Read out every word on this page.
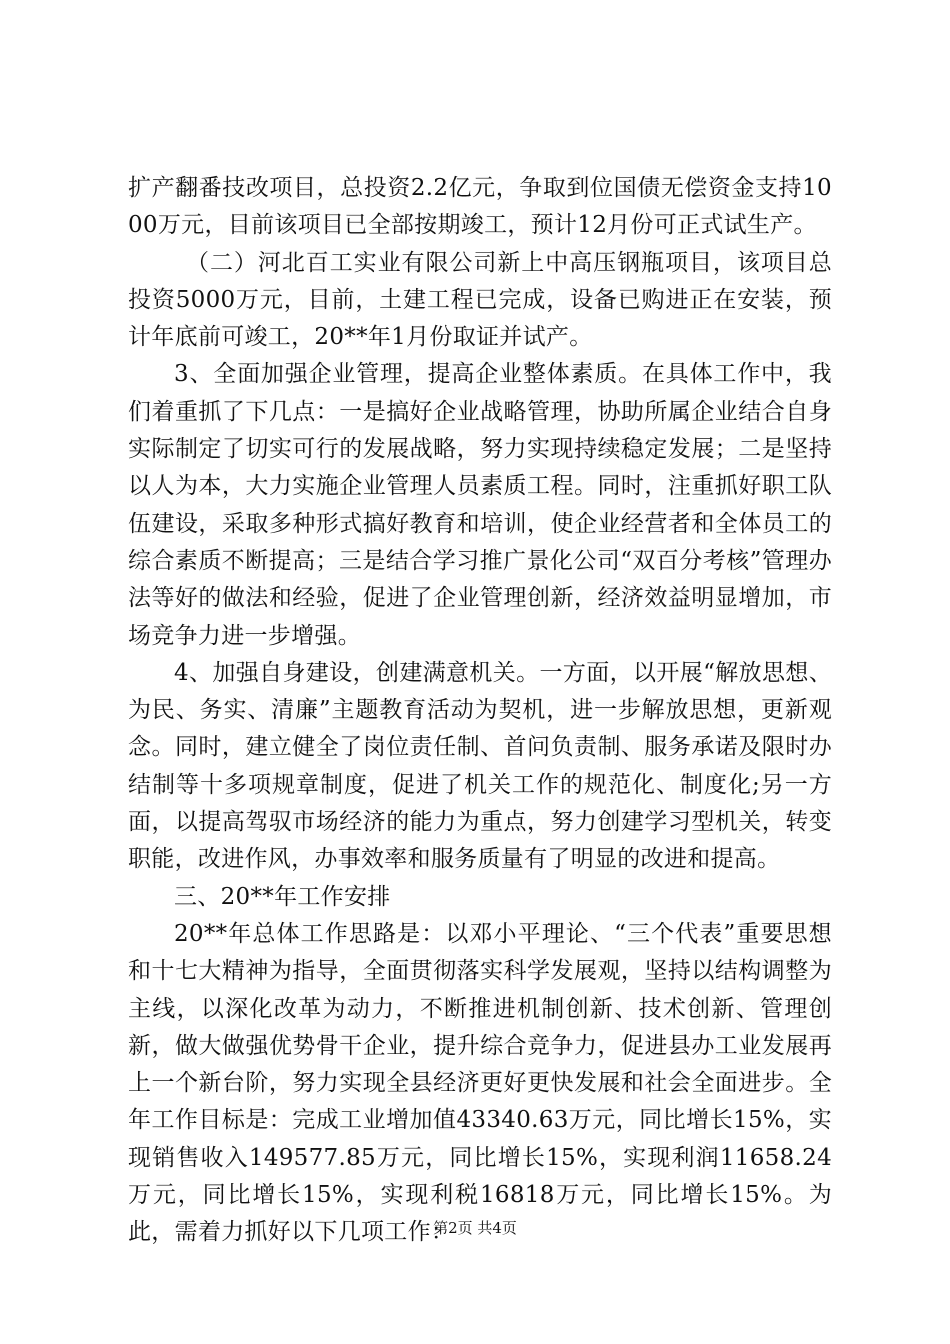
扩产翻番技改项目，总投资2.2亿元，争取到位国债无偿资金支持1000万元，目前该项目已全部按期竣工，预计12月份可正式试生产。

（二）河北百工实业有限公司新上中高压钢瓶项目，该项目总投资5000万元，目前，土建工程已完成，设备已购进正在安装，预计年底前可竣工，20**年1月份取证并试产。

3、全面加强企业管理，提高企业整体素质。在具体工作中，我们着重抓了下几点：一是搞好企业战略管理，协助所属企业结合自身实际制定了切实可行的发展战略，努力实现持续稳定发展；二是坚持以人为本，大力实施企业管理人员素质工程。同时，注重抓好职工队伍建设，采取多种形式搞好教育和培训，使企业经营者和全体员工的综合素质不断提高；三是结合学习推广景化公司“双百分考核”管理办法等好的做法和经验，促进了企业管理创新，经济效益明显增加，市场竞争力进一步增强。

4、加强自身建设，创建满意机关。一方面，以开展“解放思想、为民、务实、清廉”主题教育活动为契机，进一步解放思想，更新观念。同时，建立健全了岗位责任制、首问负责制、服务承诺及限时办结制等十多项规章制度，促进了机关工作的规范化、制度化;另一方面，以提高驾驭市场经济的能力为重点，努力创建学习型机关，转变职能，改进作风，办事效率和服务质量有了明显的改进和提高。

三、20**年工作安排

20**年总体工作思路是：以邓小平理论、“三个代表”重要思想和十七大精神为指导，全面贯彻落实科学发展观，坚持以结构调整为主线，以深化改革为动力，不断推进机制创新、技术创新、管理创新，做大做强优势骨干企业，提升综合竞争力，促进县办工业发展再上一个新台阶，努力实现全县经济更好更快发展和社会全面进步。全年工作目标是：完成工业增加值43340.63万元，同比增长15%，实现销售收入149577.85万元，同比增长15%，实现利润11658.24万元，同比增长15%，实现利税16818万元，同比增长15%。为此，需着力抓好以下几项工作：

第2页 共4页
